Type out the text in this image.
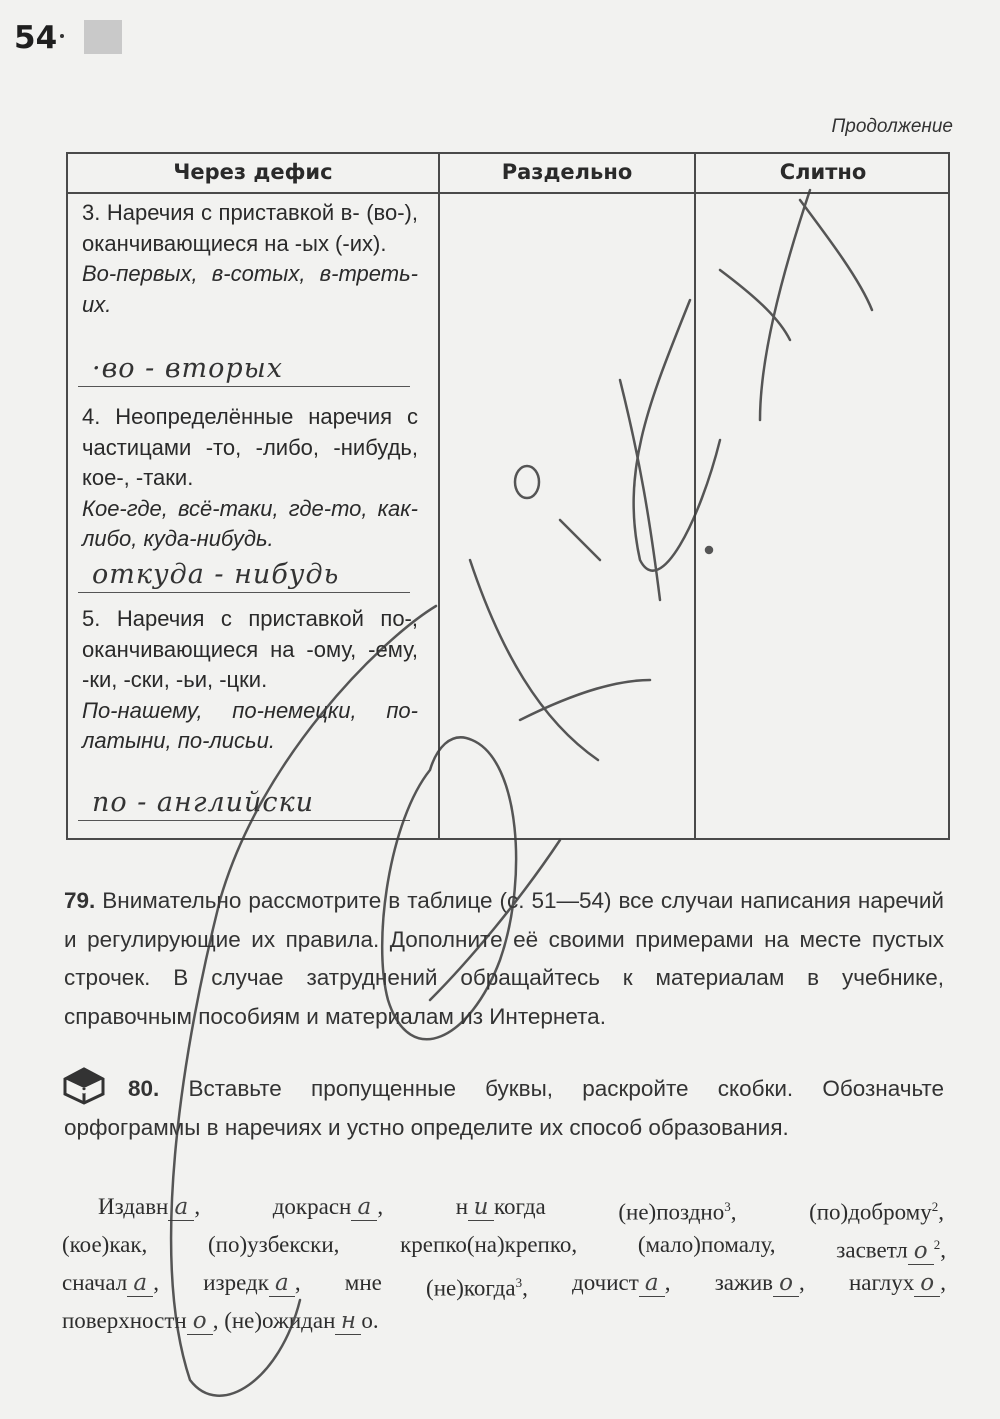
54
Продолжение
Через дефис	Раздельно	Слитно
3. Наречия с приставкой в- (во-), оканчивающиеся на -ых (-их).
Во-первых, в-сотых, в-третьих.
·во - вторых
4. Неопределённые наречия с частицами -то, -либо, -нибудь, кое-, -таки.
Кое-где, всё-таки, где-то, как-либо, куда-нибудь.
откуда - нибудь
5. Наречия с приставкой по-, оканчивающиеся на -ому, -ему, -ки, -ски, -ьи, -цки.
По-нашему, по-немецки, полатыни, по-лисьи.
по - английски
79. Внимательно рассмотрите в таблице (с. 51—54) все случаи написания наречий и регулирующие их правила. Дополните её своими примерами на месте пустых строчек. В случае затруднений обращайтесь к материалам в учебнике, справочным пособиям и материалам из Интернета.
80. Вставьте пропущенные буквы, раскройте скобки. Обозначьте орфограммы в наречиях и устно определите их способ образования.
Издавн а ,	докрасн а ,	н и когда	(не)поздно$^3$,	(по)доброму$^2$,
(кое)как,	(по)узбекски,	крепко(на)крепко,	(мало)помалу,	засветл о $^2$,
сначал а , изредк а , мне (не)когда$^3$, дочист а , зажив о , наглух о ,
поверхностн о , (не)ожидан н о.
